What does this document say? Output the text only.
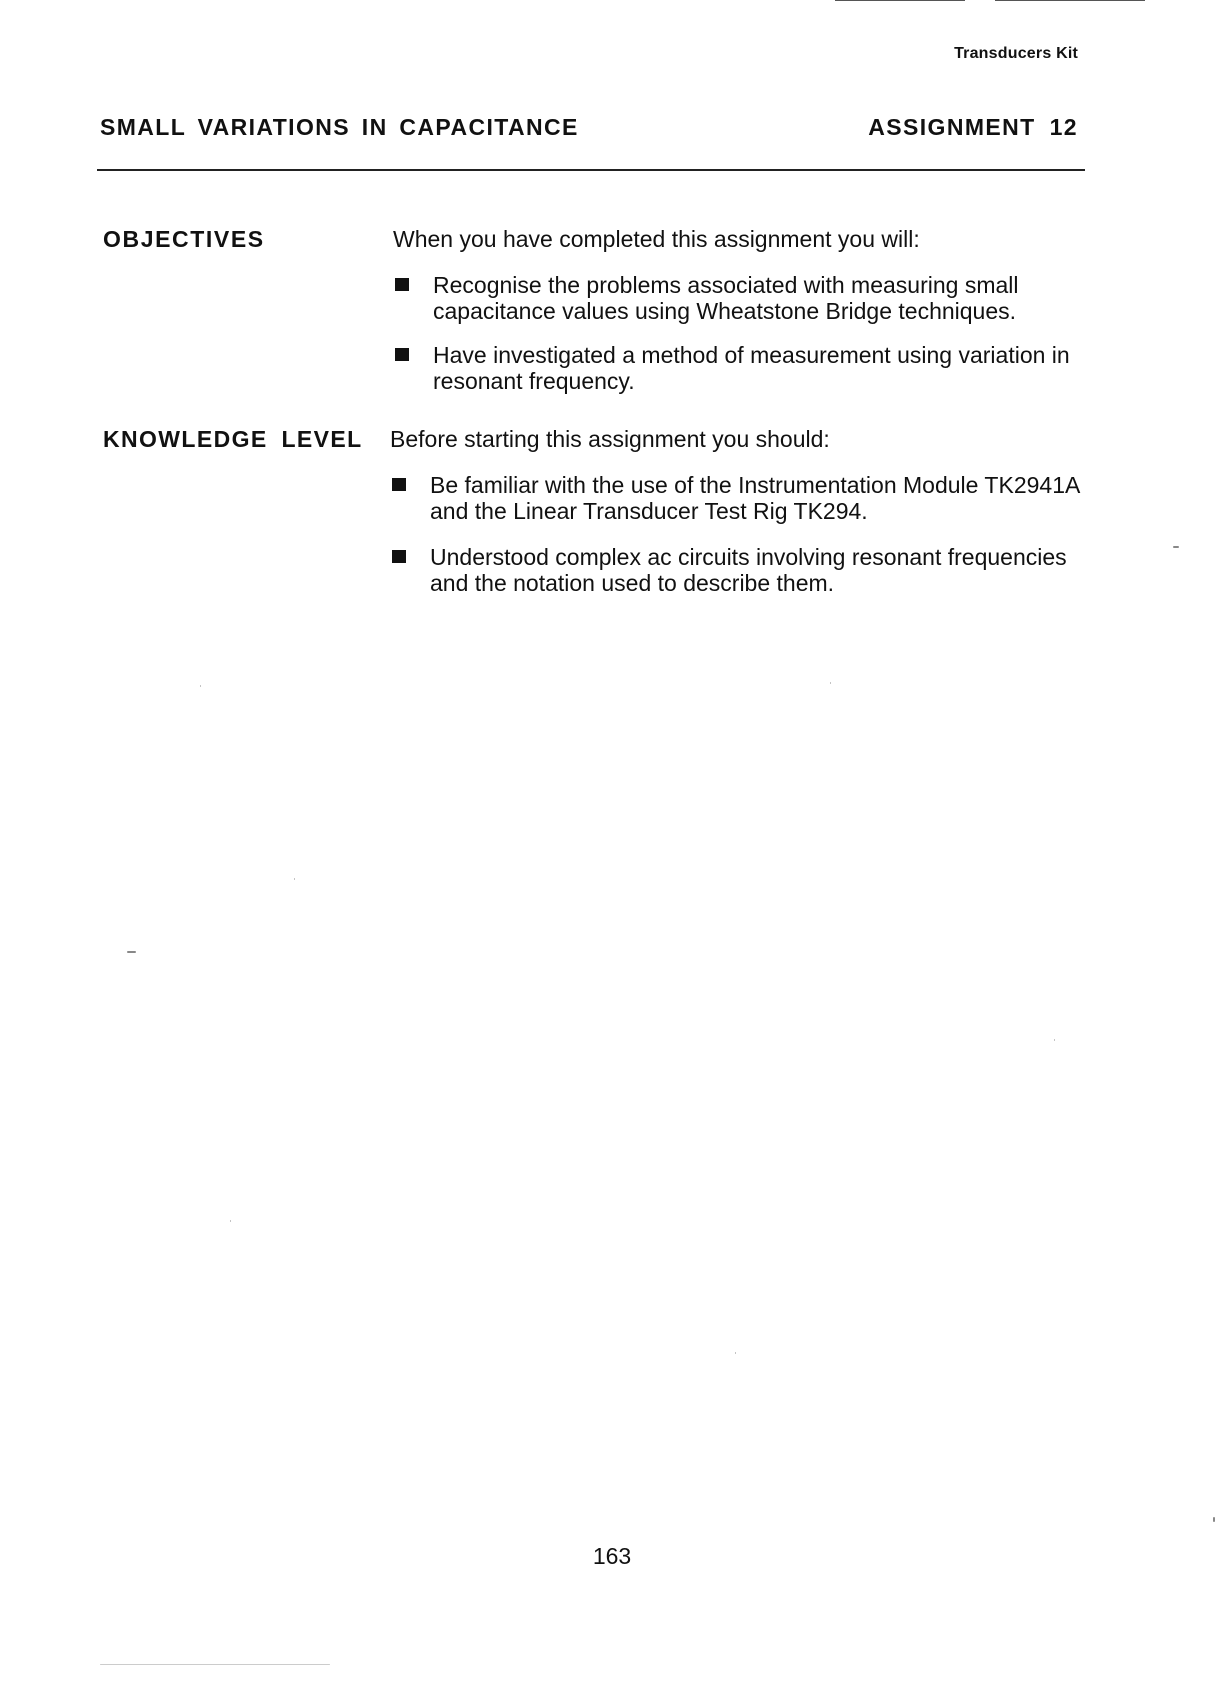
Transducers Kit
SMALL VARIATIONS IN CAPACITANCE	ASSIGNMENT 12
OBJECTIVES	When you have completed this assignment you will:

Recognise the problems associated with measuring small capacitance values using Wheatstone Bridge techniques.
Have investigated a method of measurement using variation in resonant frequency.
KNOWLEDGE LEVEL	Before starting this assignment you should:

Be familiar with the use of the Instrumentation Module TK2941A and the Linear Transducer Test Rig TK294.
Understood complex ac circuits involving resonant frequencies and the notation used to describe them.
163
